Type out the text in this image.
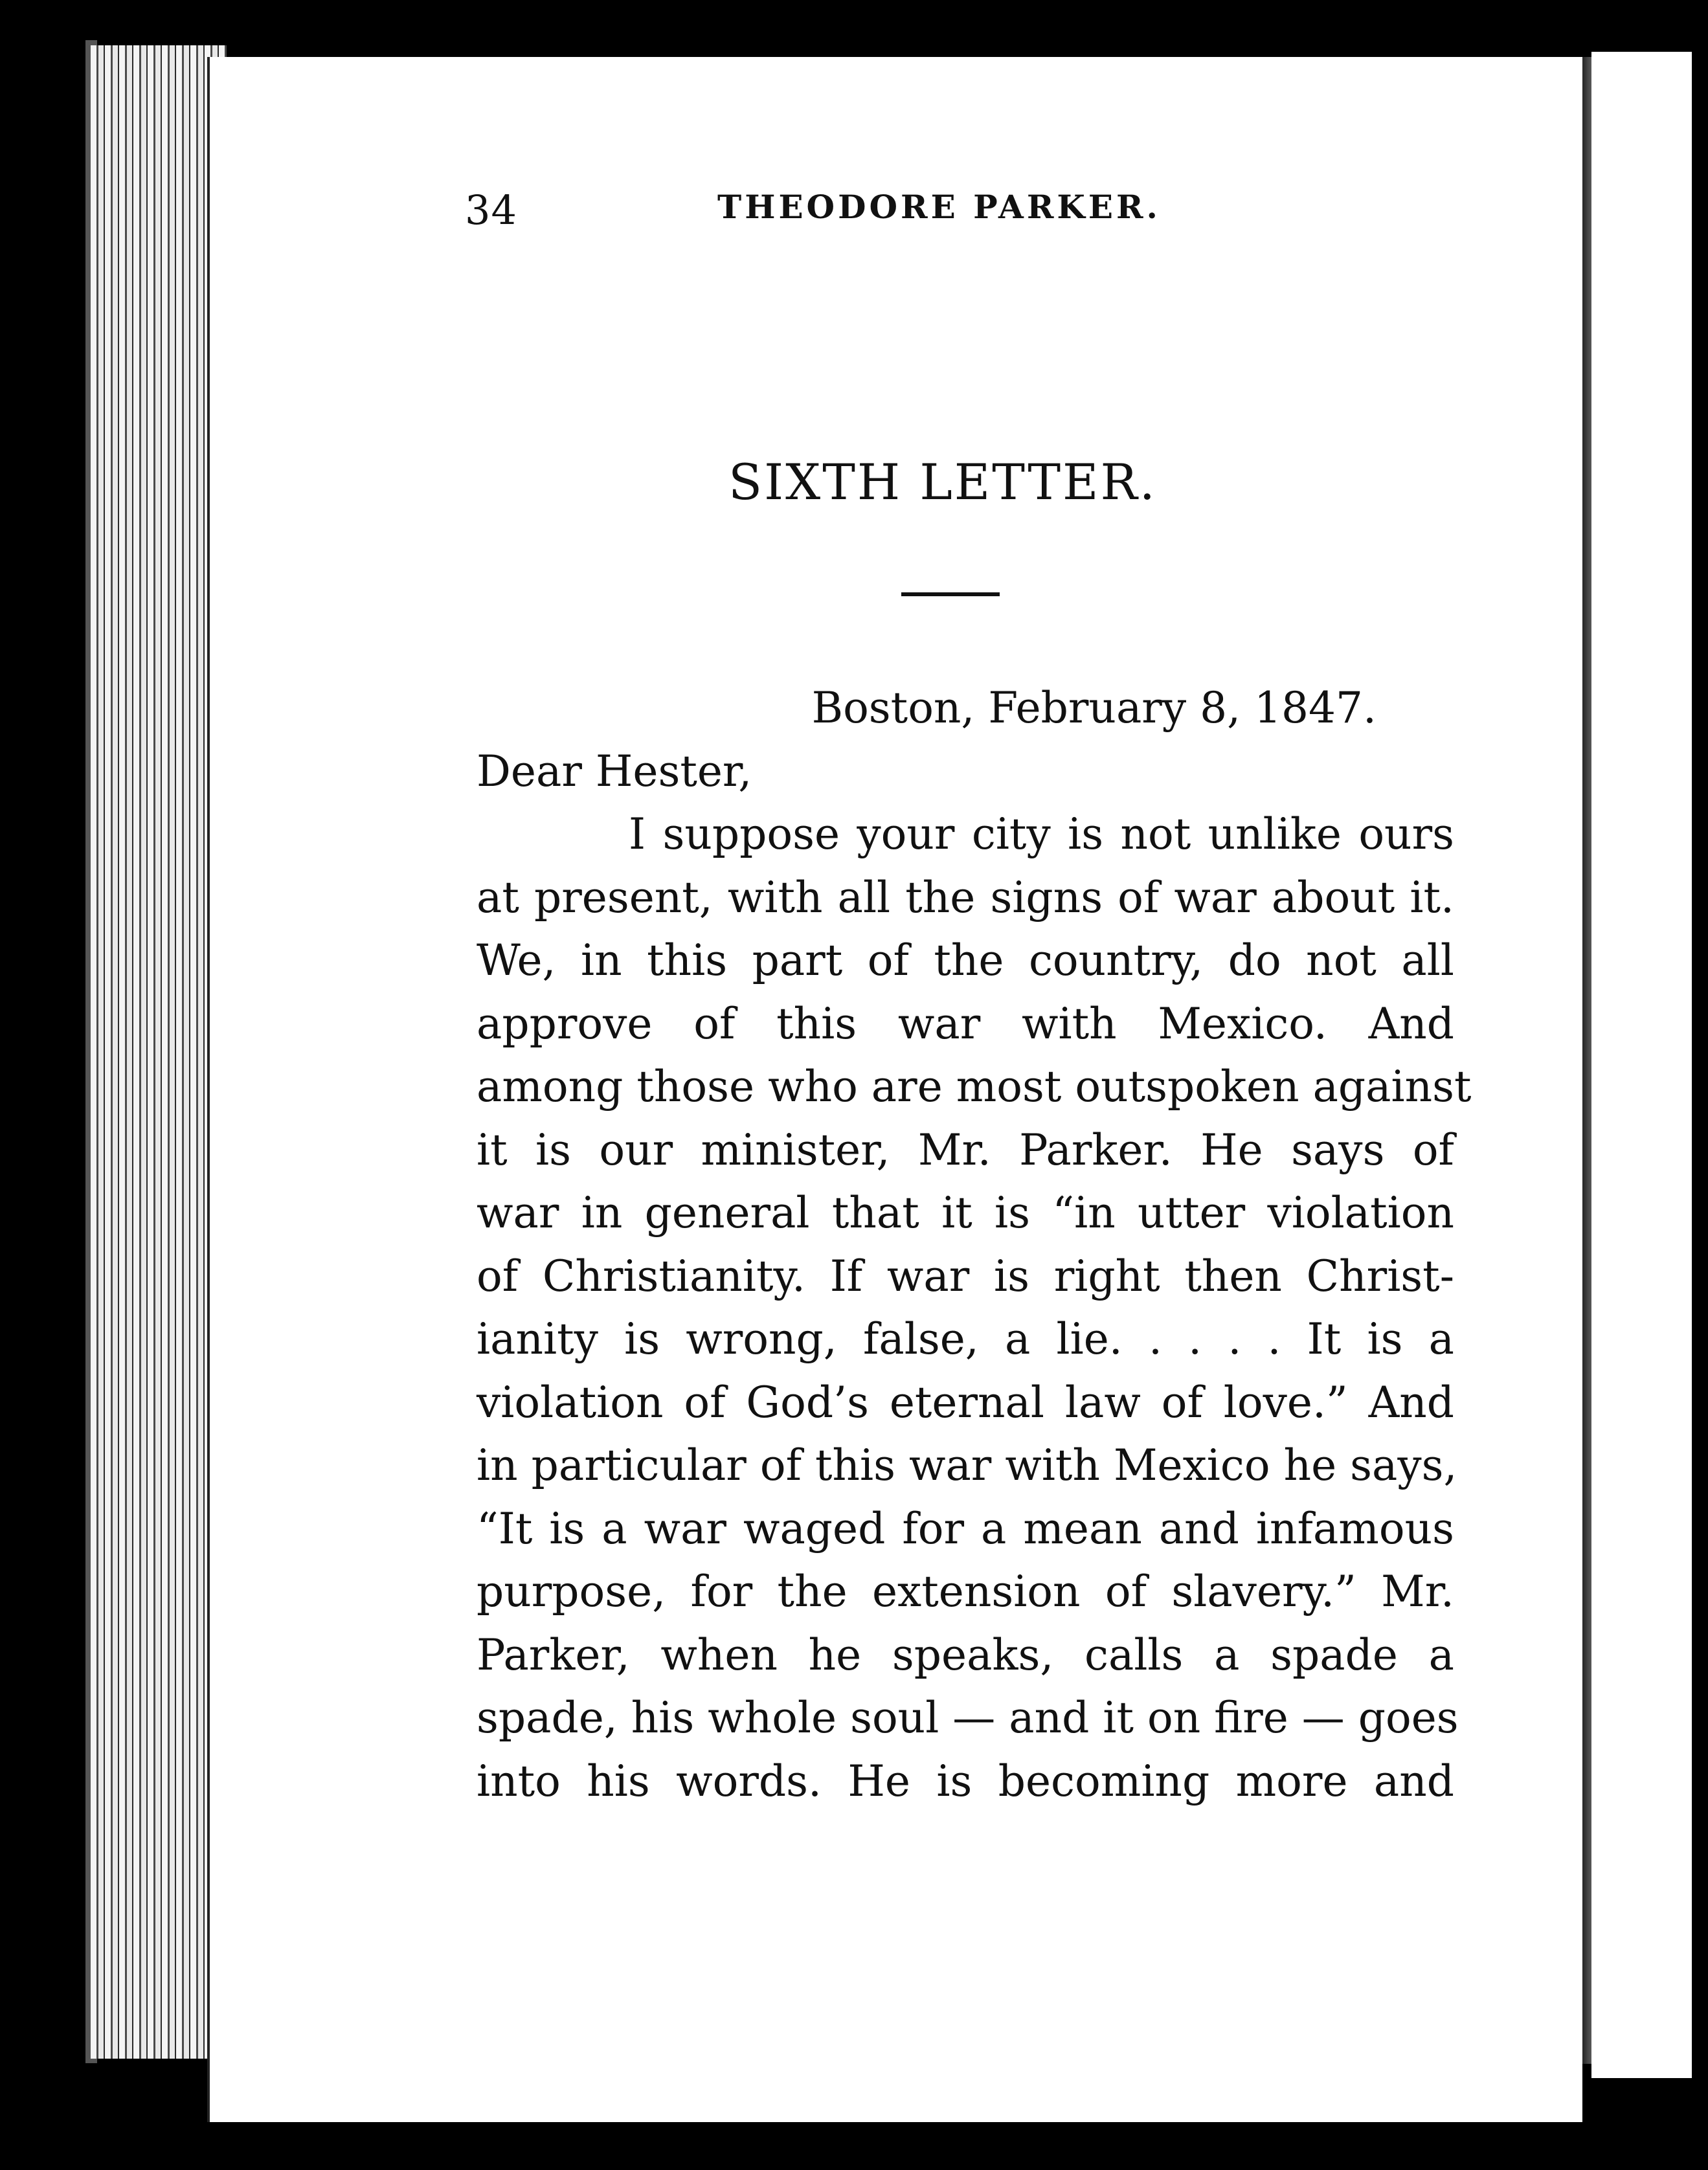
34	THEODORE PARKER.
SIXTH LETTER.
Boston, February 8, 1847.
Dear Hester,
I suppose your city is not unlike ours
at present, with all the signs of war about it.
We, in this part of the country, do not all
approve of this war with Mexico. And
among those who are most outspoken against
it is our minister, Mr. Parker. He says of
war in general that it is “in utter violation
of Christianity. If war is right then Christ-
ianity is wrong, false, a lie. . . . . It is a
violation of God’s eternal law of love.” And
in particular of this war with Mexico he says,
“It is a war waged for a mean and infamous
purpose, for the extension of slavery.” Mr.
Parker, when he speaks, calls a spade a
spade, his whole soul — and it on fire — goes
into his words. He is becoming more and
